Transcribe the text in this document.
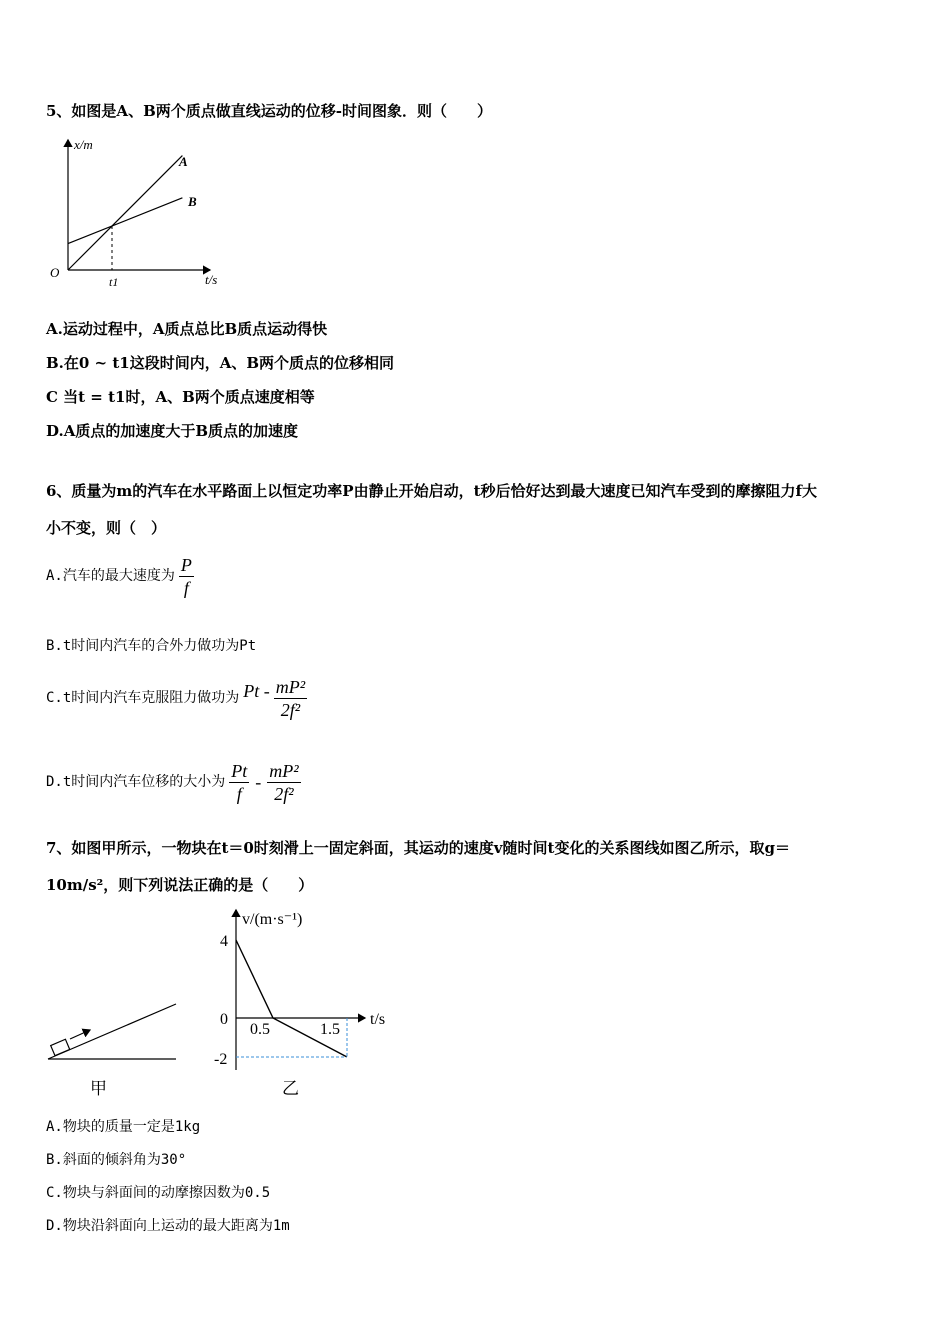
5、如图是A、B两个质点做直线运动的位移-时间图象．则（　　）
x/m
t/s
O
t1
A
B
A.运动过程中，A质点总比B质点运动得快
B.在0 ~ t1这段时间内，A、B两个质点的位移相同
C 当t = t1时，A、B两个质点速度相等
D.A质点的加速度大于B质点的加速度
6、质量为m的汽车在水平路面上以恒定功率P由静止开始启动，t秒后恰好达到最大速度已知汽车受到的摩擦阻力f大
小不变，则（　）
A.汽车的最大速度为 $\frac{P}{f}$
B.t时间内汽车的合外力做功为Pt
C.t时间内汽车克服阻力做功为 Pt - $\frac{\text{mP²}}{\text{2f²}}$
D.t时间内汽车位移的大小为 $\frac{Pt}{f} - \frac{\text{mP²}}{\text{2f²}}$
7、如图甲所示，一物块在t＝0时刻滑上一固定斜面，其运动的速度v随时间t变化的关系图线如图乙所示，取g＝
10m/s²，则下列说法正确的是（　　）
甲
v/(m·s⁻¹)
t/s
4
0
-2
0.5	1.5
乙
A.物块的质量一定是1kg
B.斜面的倾斜角为30°
C.物块与斜面间的动摩擦因数为0.5
D.物块沿斜面向上运动的最大距离为1m
